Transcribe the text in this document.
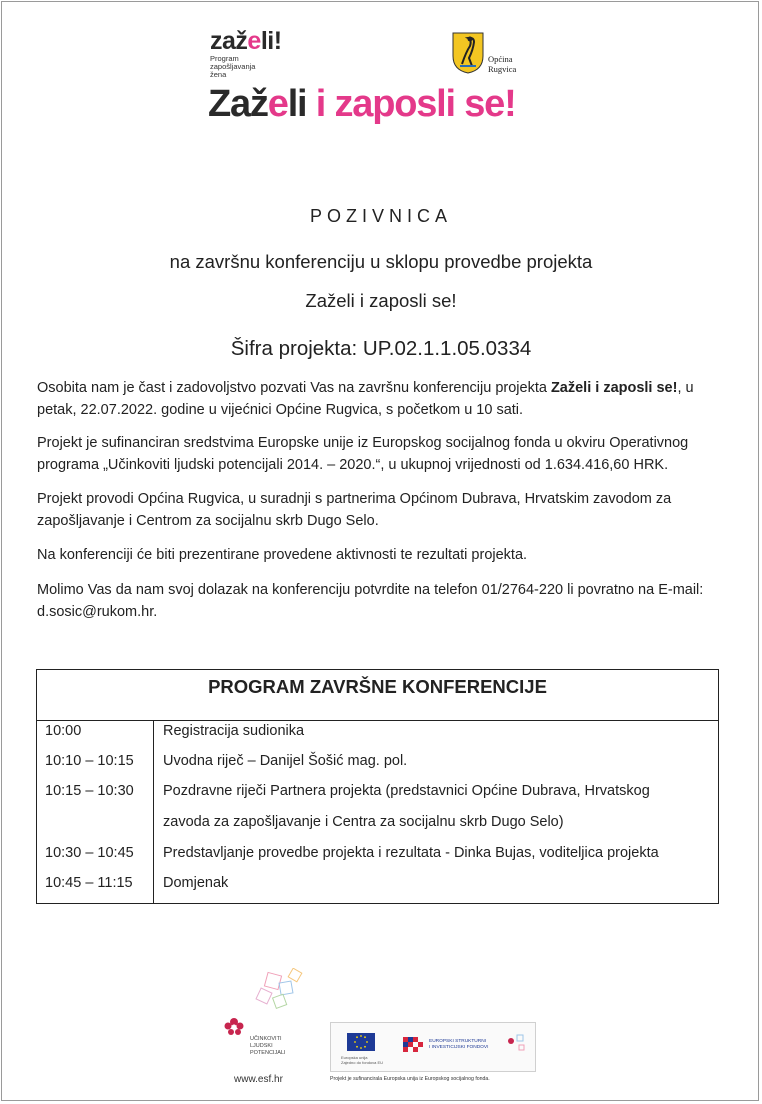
zaželi!
Program
zapošljavanja
žena
Općina
Rugvica
Zaželi i zaposli se!
POZIVNICA
na završnu konferenciju u sklopu provedbe projekta
Zaželi i zaposli se!
Šifra projekta: UP.02.1.1.05.0334
Osobita nam je čast i zadovoljstvo pozvati Vas na završnu konferenciju projekta Zaželi i zaposli se!, u petak, 22.07.2022. godine u vijećnici Općine Rugvica, s početkom u 10 sati.
Projekt je sufinanciran sredstvima Europske unije iz Europskog socijalnog fonda u okviru Operativnog programa „Učinkoviti ljudski potencijali 2014. – 2020.“, u ukupnoj vrijednosti od 1.634.416,60 HRK.
Projekt provodi Općina Rugvica, u suradnji s partnerima Općinom Dubrava, Hrvatskim zavodom za zapošljavanje i Centrom za socijalnu skrb Dugo Selo.
Na konferenciji će biti prezentirane provedene aktivnosti te rezultati projekta.
Molimo Vas da nam svoj dolazak na konferenciju potvrdite na telefon 01/2764-220 li povratno na E-mail: d.sosic@rukom.hr.
PROGRAM ZAVRŠNE KONFERENCIJE
10:00	Registracija sudionika
10:10 – 10:15 Uvodna riječ – Danijel Šošić mag. pol.
10:15 – 10:30 Pozdravne riječi Partnera projekta (predstavnici Općine Dubrava, Hrvatskog
zavoda za zapošljavanje i Centra za socijalnu skrb Dugo Selo)
10:30 – 10:45 Predstavljanje provedbe projekta i rezultata - Dinka Bujas, voditeljica projekta
10:45 – 11:15 Domjenak
UČINKOVITI
LJUDSKI
POTENCIJALI
www.esf.hr
Europska unija
Zajedno do fondova EU
EUROPSKI STRUKTURNI
I INVESTICIJSKI FONDOVI
Projekt je sufinancirala Europska unija iz Europskog socijalnog fonda.
